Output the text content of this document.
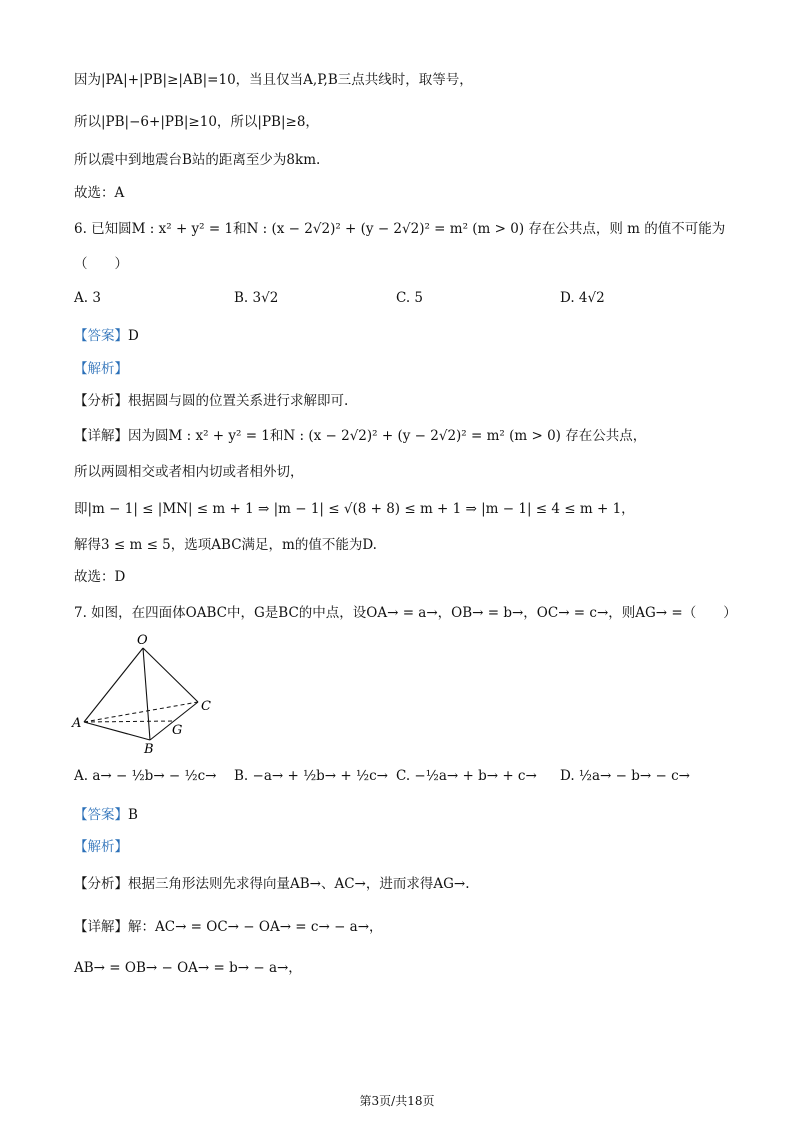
因为|PA|+|PB|≥|AB|=10，当且仅当A,P,B三点共线时，取等号，
所以|PB|−6+|PB|≥10，所以|PB|≥8，
所以震中到地震台B站的距离至少为8km.
故选：A
6. 已知圆M : x² + y² = 1和N : (x − 2√2)² + (y − 2√2)² = m² (m > 0) 存在公共点，则 m 的值不可能为
（　　）
A. 3	B. 3√2	C. 5	D. 4√2
【答案】D
【解析】
【分析】根据圆与圆的位置关系进行求解即可.
【详解】因为圆M : x² + y² = 1和N : (x − 2√2)² + (y − 2√2)² = m² (m > 0) 存在公共点，
所以两圆相交或者相内切或者相外切，
即|m − 1| ≤ |MN| ≤ m + 1 ⇒ |m − 1| ≤ √(8 + 8) ≤ m + 1 ⇒ |m − 1| ≤ 4 ≤ m + 1，
解得3 ≤ m ≤ 5，选项ABC满足，m的值不能为D.
故选：D
7. 如图，在四面体OABC中，G是BC的中点，设OA→ = a→，OB→ = b→，OC→ = c→，则AG→ =（　　）
O
A
B
C
G
A. a→ − ½b→ − ½c→ B. −a→ + ½b→ + ½c→ C. −½a→ + b→ + c→ D. ½a→ − b→ − c→
【答案】B
【解析】
【分析】根据三角形法则先求得向量AB→、AC→，进而求得AG→.
【详解】解：AC→ = OC→ − OA→ = c→ − a→，
AB→ = OB→ − OA→ = b→ − a→，
第3页/共18页
